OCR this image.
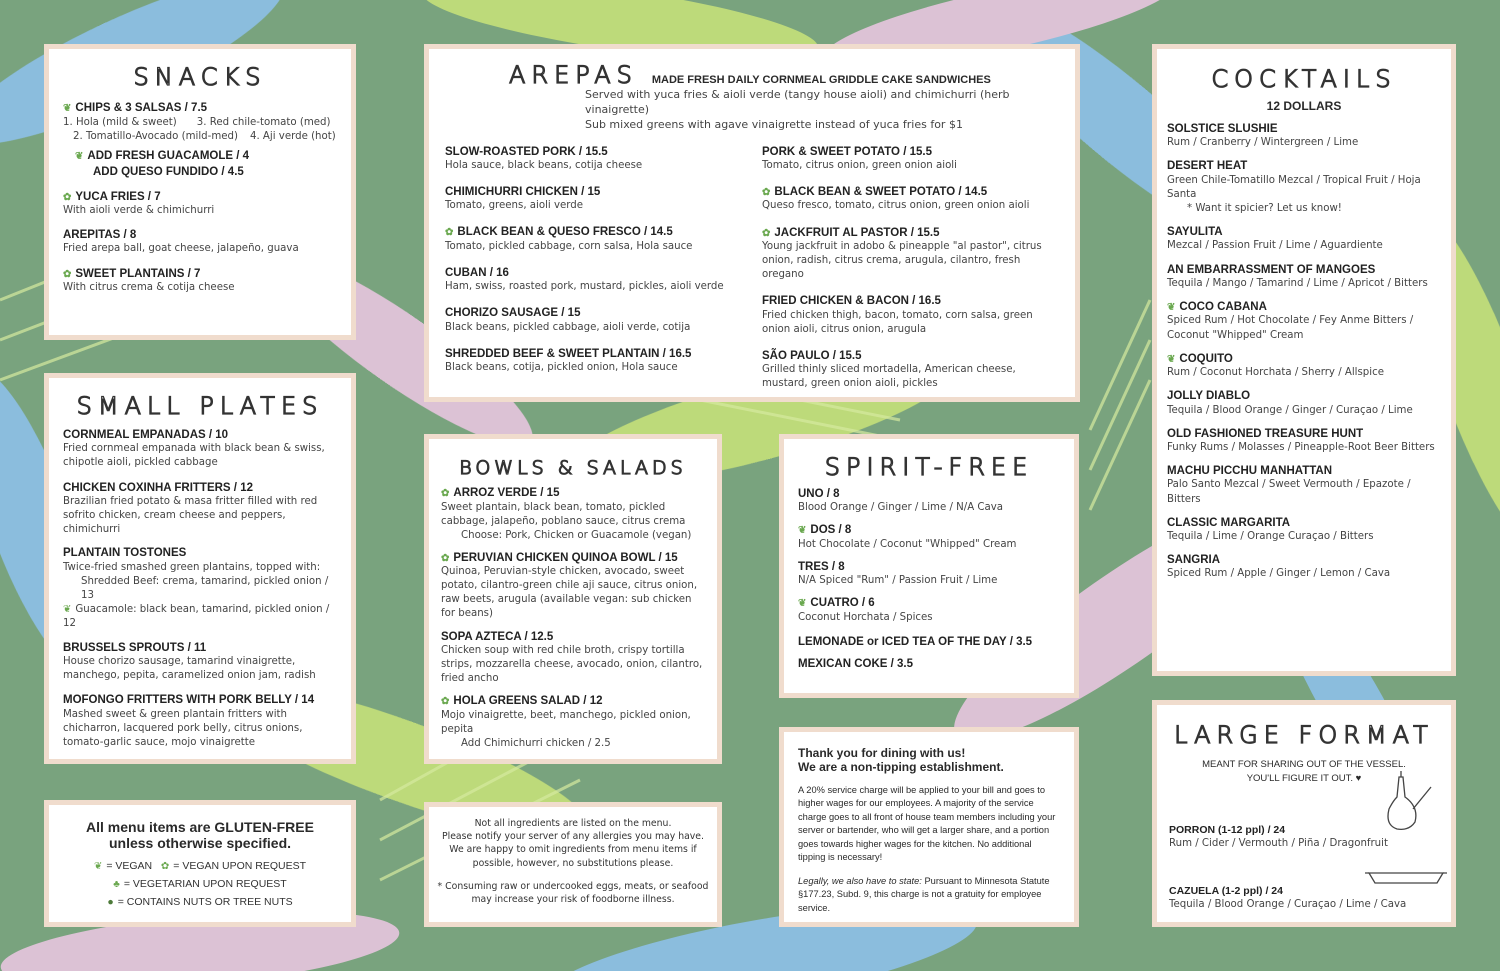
SNACKS
❦ CHIPS & 3 SALSAS / 7.5
1. Hola (mild & sweet) 3. Red chile-tomato (med)
2. Tomatillo-Avocado (mild-med) 4. Aji verde (hot)
❦ ADD FRESH GUACAMOLE / 4
ADD QUESO FUNDIDO / 4.5
✿ YUCA FRIES / 7
With aioli verde & chimichurri
AREPITAS / 8
Fried arepa ball, goat cheese, jalapeño, guava
✿ SWEET PLANTAINS / 7
With citrus crema & cotija cheese
SMALL PLATES
CORNMEAL EMPANADAS / 10
Fried cornmeal empanada with black bean & swiss, chipotle aioli, pickled cabbage
CHICKEN COXINHA FRITTERS / 12
Brazilian fried potato & masa fritter filled with red sofrito chicken, cream cheese and peppers, chimichurri
PLANTAIN TOSTONES
Twice-fried smashed green plantains, topped with:
Shredded Beef: crema, tamarind, pickled onion / 13
❦ Guacamole: black bean, tamarind, pickled onion / 12
BRUSSELS SPROUTS / 11
House chorizo sausage, tamarind vinaigrette, manchego, pepita, caramelized onion jam, radish
MOFONGO FRITTERS WITH PORK BELLY / 14
Mashed sweet & green plantain fritters with chicharron, lacquered pork belly, citrus onions, tomato-garlic sauce, mojo vinaigrette
All menu items are GLUTEN-FREE
unless otherwise specified.
❦ = VEGAN ✿ = VEGAN UPON REQUEST
♣ = VEGETARIAN UPON REQUEST
● = CONTAINS NUTS OR TREE NUTS
AREPAS MADE FRESH DAILY CORNMEAL GRIDDLE CAKE SANDWICHES
Served with yuca fries & aioli verde (tangy house aioli) and chimichurri (herb vinaigrette)
Sub mixed greens with agave vinaigrette instead of yuca fries for $1
SLOW-ROASTED PORK / 15.5
Hola sauce, black beans, cotija cheese
CHIMICHURRI CHICKEN / 15
Tomato, greens, aioli verde
✿ BLACK BEAN & QUESO FRESCO / 14.5
Tomato, pickled cabbage, corn salsa, Hola sauce
CUBAN / 16
Ham, swiss, roasted pork, mustard, pickles, aioli verde
CHORIZO SAUSAGE / 15
Black beans, pickled cabbage, aioli verde, cotija
SHREDDED BEEF & SWEET PLANTAIN / 16.5
Black beans, cotija, pickled onion, Hola sauce
PORK & SWEET POTATO / 15.5
Tomato, citrus onion, green onion aioli
✿ BLACK BEAN & SWEET POTATO / 14.5
Queso fresco, tomato, citrus onion, green onion aioli
✿ JACKFRUIT AL PASTOR / 15.5
Young jackfruit in adobo & pineapple "al pastor", citrus onion, radish, citrus crema, arugula, cilantro, fresh oregano
FRIED CHICKEN & BACON / 16.5
Fried chicken thigh, bacon, tomato, corn salsa, green onion aioli, citrus onion, arugula
SÃO PAULO / 15.5
Grilled thinly sliced mortadella, American cheese, mustard, green onion aioli, pickles
BOWLS & SALADS
✿ ARROZ VERDE / 15
Sweet plantain, black bean, tomato, pickled cabbage, jalapeño, poblano sauce, citrus crema
Choose: Pork, Chicken or Guacamole (vegan)
✿ PERUVIAN CHICKEN QUINOA BOWL / 15
Quinoa, Peruvian-style chicken, avocado, sweet potato, cilantro-green chile aji sauce, citrus onion, raw beets, arugula (available vegan: sub chicken for beans)
SOPA AZTECA / 12.5
Chicken soup with red chile broth, crispy tortilla strips, mozzarella cheese, avocado, onion, cilantro, fried ancho
✿ HOLA GREENS SALAD / 12
Mojo vinaigrette, beet, manchego, pickled onion, pepita
Add Chimichurri chicken / 2.5
Not all ingredients are listed on the menu.
Please notify your server of any allergies you may have.
We are happy to omit ingredients from menu items if
possible, however, no substitutions please.
* Consuming raw or undercooked eggs, meats, or seafood
may increase your risk of foodborne illness.
SPIRIT-FREE
UNO / 8
Blood Orange / Ginger / Lime / N/A Cava
❦ DOS / 8
Hot Chocolate / Coconut "Whipped" Cream
TRES / 8
N/A Spiced "Rum" / Passion Fruit / Lime
❦ CUATRO / 6
Coconut Horchata / Spices
LEMONADE or ICED TEA OF THE DAY / 3.5
MEXICAN COKE / 3.5
Thank you for dining with us!
We are a non-tipping establishment.
A 20% service charge will be applied to your bill and goes to higher wages for our employees. A majority of the service charge goes to all front of house team members including your server or bartender, who will get a larger share, and a portion goes towards higher wages for the kitchen. No additional tipping is necessary!
Legally, we also have to state: Pursuant to Minnesota Statute §177.23, Subd. 9, this charge is not a gratuity for employee service.
COCKTAILS
12 DOLLARS
SOLSTICE SLUSHIE
Rum / Cranberry / Wintergreen / Lime
DESERT HEAT
Green Chile-Tomatillo Mezcal / Tropical Fruit / Hoja Santa
* Want it spicier? Let us know!
SAYULITA
Mezcal / Passion Fruit / Lime / Aguardiente
AN EMBARRASSMENT OF MANGOES
Tequila / Mango / Tamarind / Lime / Apricot / Bitters
❦ COCO CABANA
Spiced Rum / Hot Chocolate / Fey Anme Bitters / Coconut "Whipped" Cream
❦ COQUITO
Rum / Coconut Horchata / Sherry / Allspice
JOLLY DIABLO
Tequila / Blood Orange / Ginger / Curaçao / Lime
OLD FASHIONED TREASURE HUNT
Funky Rums / Molasses / Pineapple-Root Beer Bitters
MACHU PICCHU MANHATTAN
Palo Santo Mezcal / Sweet Vermouth / Epazote / Bitters
CLASSIC MARGARITA
Tequila / Lime / Orange Curaçao / Bitters
SANGRIA
Spiced Rum / Apple / Ginger / Lemon / Cava
LARGE FORMAT
MEANT FOR SHARING OUT OF THE VESSEL.
YOU'LL FIGURE IT OUT. ♥
PORRON (1-12 ppl) / 24
Rum / Cider / Vermouth / Piña / Dragonfruit
CAZUELA (1-2 ppl) / 24
Tequila / Blood Orange / Curaçao / Lime / Cava
